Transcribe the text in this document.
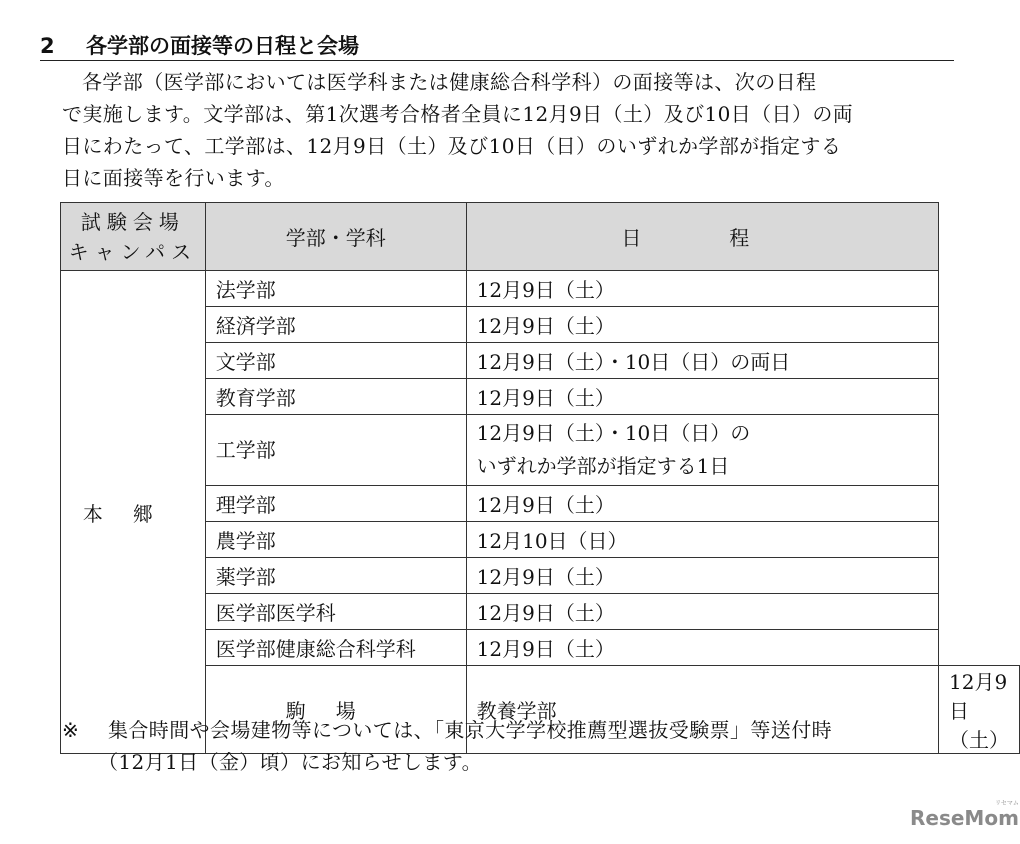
2 各学部の面接等の日程と会場
各学部（医学部においては医学科または健康総合科学科）の面接等は、次の日程
で実施します。文学部は、第1次選考合格者全員に12月9日（土）及び10日（日）の両
日にわたって、工学部は、12月9日（土）及び10日（日）のいずれか学部が指定する
日に面接等を行います。
試験会場
キャンパス	学部・学科	日　程	
本郷	法学部	12月9日（土）	
	経済学部	12月9日（土）	
	文学部	12月9日（土）・10日（日）の両日	
	教育学部	12月9日（土）	
	工学部	12月9日（土）・10日（日）の
いずれか学部が指定する1日	

	理学部	12月9日（土）	
	農学部	12月10日（日）	
	薬学部	12月9日（土）	
	医学部医学科	12月9日（土）	
	医学部健康総合科学科	12月9日（土）	
	駒場	教養学部	12月9日（土）
※ 集合時間や会場建物等については、「東京大学学校推薦型選抜受験票」等送付時
（12月1日（金）頃）にお知らせします。
ReseMom
リセマム
